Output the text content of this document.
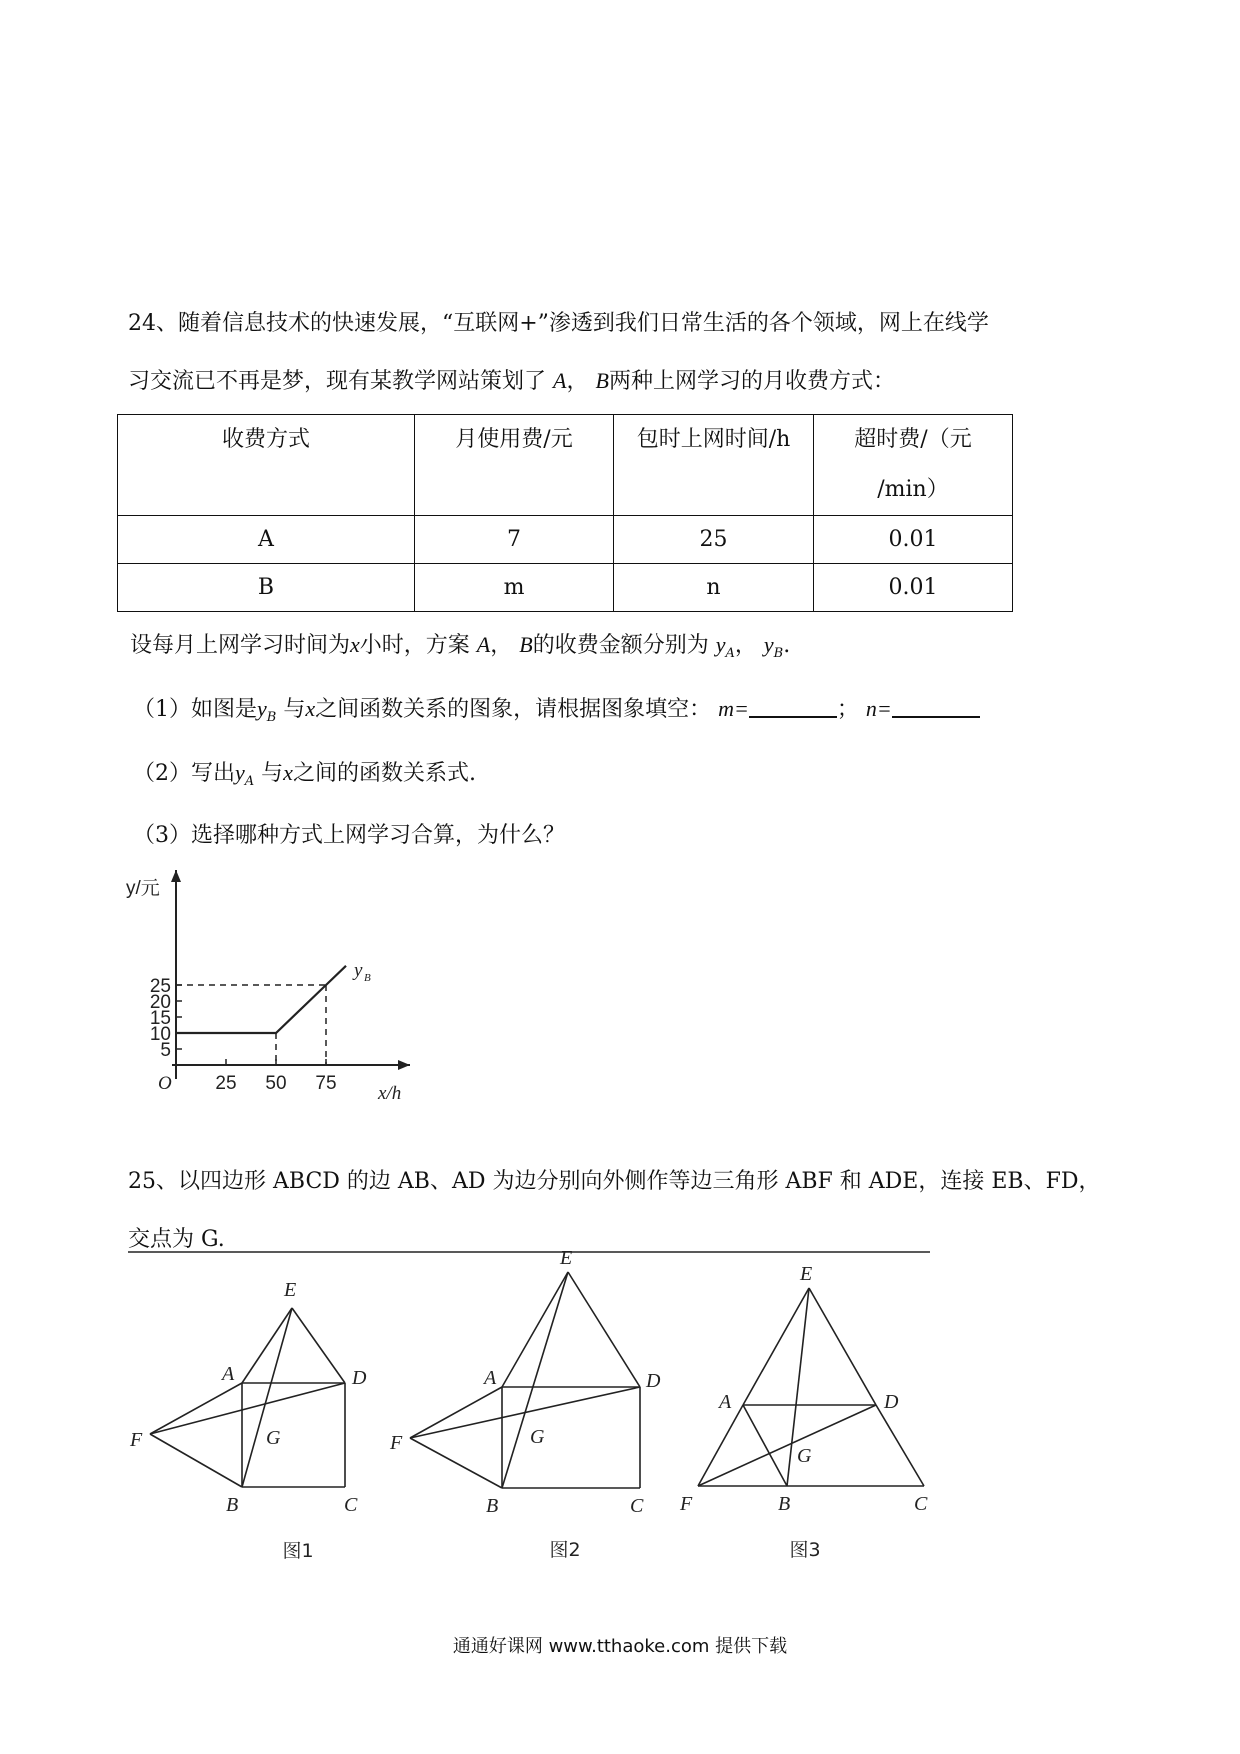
24、随着信息技术的快速发展，“互联网+”渗透到我们日常生活的各个领域，网上在线学
习交流已不再是梦，现有某教学网站策划了 A， B两种上网学习的月收费方式：
收费方式	月使用费/元	包时上网时间/h	超时费/（元
/min）

A	7	25	0.01
B	m	n	0.01
设每月上网学习时间为x小时，方案 A， B的收费金额分别为 $y_A$， $y_B$.
（1）如图是$y_B$ 与x之间函数关系的图象，请根据图象填空： m=	； n=
（2）写出$y_A$ 与x之间的函数关系式.
（3）选择哪种方式上网学习合算，为什么？
5
10
15
20
25
25 50 75
O
y/元
x/h
y B
25、以四边形 ABCD 的边 AB、AD 为边分别向外侧作等边三角形 ABF 和 ADE，连接 EB、FD，
交点为 G.
E
A	D
F	G
B	C
图1
E
A	D
F	G
B	C
图2
E
A	D
F
G
B	C
图3
通通好课网 www.tthaoke.com 提供下载
